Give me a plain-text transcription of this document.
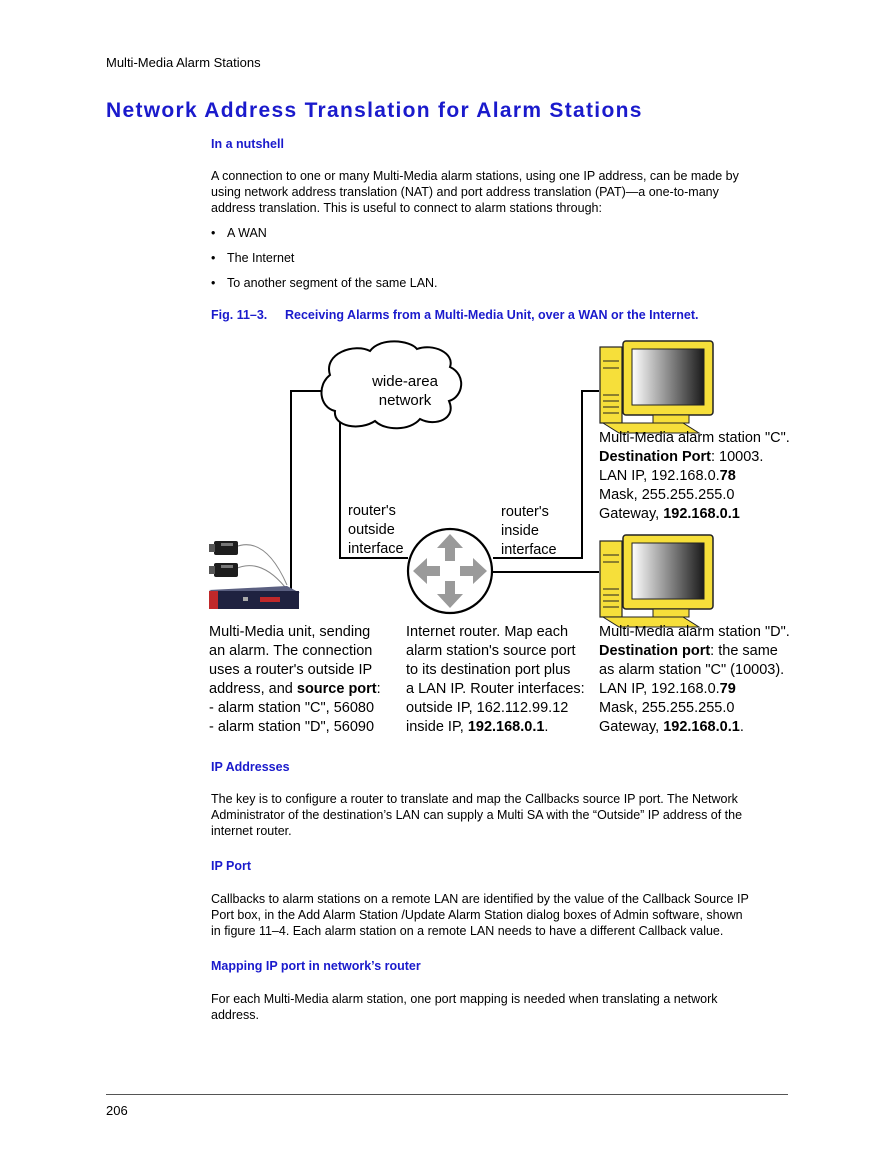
Multi-Media Alarm Stations
Network Address Translation for Alarm Stations
In a nutshell
A connection to one or many Multi-Media alarm stations, using one IP address, can be made by
using network address translation (NAT) and port address translation (PAT)—a one-to-many
address translation. This is useful to connect to alarm stations through:
• A WAN
• The Internet
• To another segment of the same LAN.
Fig. 11–3. Receiving Alarms from a Multi-Media Unit, over a WAN or the Internet.
wide-area
network
router's
outside
interface
router's
inside
interface
Multi-Media alarm station "C".
Destination Port: 10003.
LAN IP, 192.168.0.78
Mask, 255.255.255.0
Gateway, 192.168.0.1
Multi-Media alarm station "D".
Destination port: the same
as alarm station "C" (10003).
LAN IP, 192.168.0.79
Mask, 255.255.255.0
Gateway, 192.168.0.1.
Multi-Media unit, sending
an alarm. The connection
uses a router's outside IP
address, and source port:
- alarm station "C", 56080
- alarm station "D", 56090
Internet router. Map each
alarm station's source port
to its destination port plus
a LAN IP. Router interfaces:
outside IP, 162.112.99.12
inside IP, 192.168.0.1.
IP Addresses
The key is to configure a router to translate and map the Callbacks source IP port. The Network
Administrator of the destination’s LAN can supply a Multi SA with the “Outside” IP address of the
internet router.
IP Port
Callbacks to alarm stations on a remote LAN are identified by the value of the Callback Source IP
Port box, in the Add Alarm Station /Update Alarm Station dialog boxes of Admin software, shown
in figure 11–4. Each alarm station on a remote LAN needs to have a different Callback value.
Mapping IP port in network’s router
For each Multi-Media alarm station, one port mapping is needed when translating a network
address.
206
